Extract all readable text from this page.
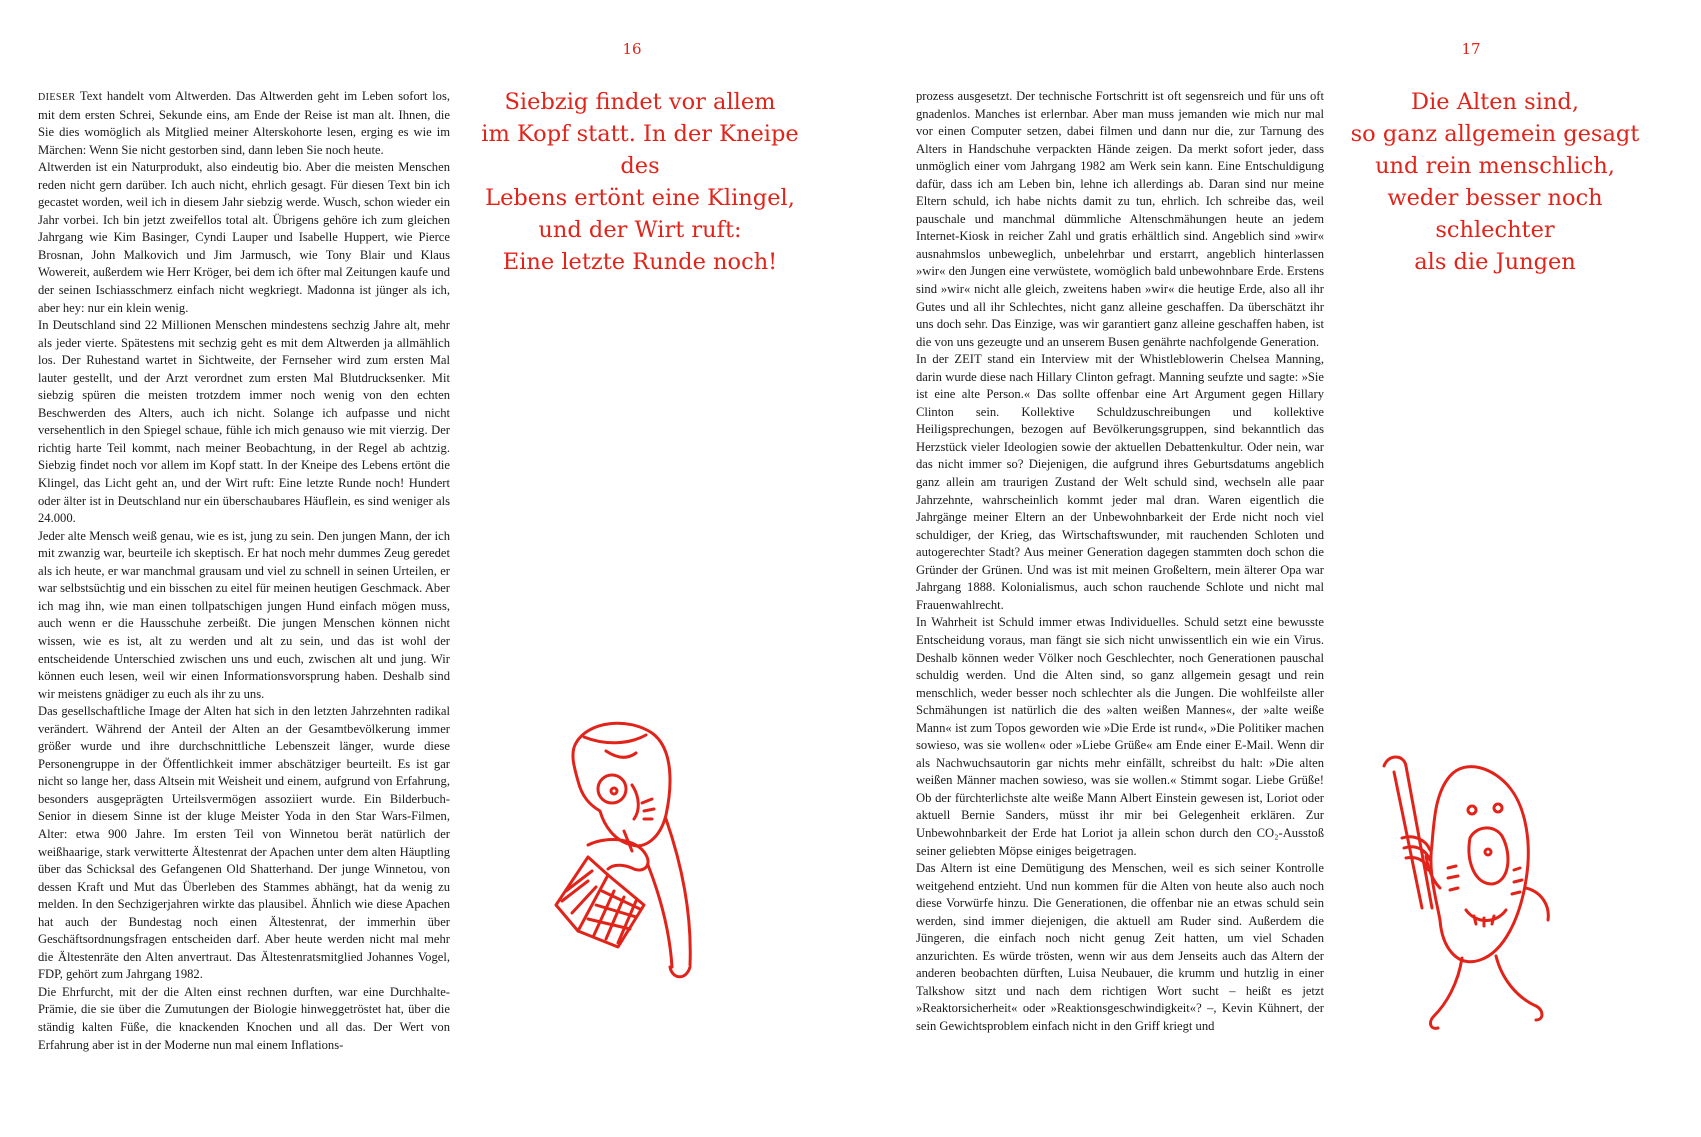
16

DIESER Text handelt vom Altwerden. Das Altwerden geht im Leben sofort los, mit dem ersten Schrei, Sekunde eins, am Ende der Reise ist man alt. Ihnen, die Sie dies womöglich als Mitglied meiner Alterskohorte lesen, erging es wie im Märchen: Wenn Sie nicht gestorben sind, dann leben Sie noch heute.

Altwerden ist ein Naturprodukt, also eindeutig bio. Aber die meisten Menschen reden nicht gern darüber. Ich auch nicht, ehrlich gesagt. Für diesen Text bin ich gecastet worden, weil ich in diesem Jahr siebzig werde. Wusch, schon wieder ein Jahr vorbei. Ich bin jetzt zweifellos total alt. Übrigens gehöre ich zum gleichen Jahrgang wie Kim Basinger, Cyndi Lauper und Isabelle Huppert, wie Pierce Brosnan, John Malkovich und Jim Jarmusch, wie Tony Blair und Klaus Wowereit, außerdem wie Herr Kröger, bei dem ich öfter mal Zeitungen kaufe und der seinen Ischiasschmerz einfach nicht wegkriegt. Madonna ist jünger als ich, aber hey: nur ein klein wenig.

In Deutschland sind 22 Millionen Menschen mindestens sechzig Jahre alt, mehr als jeder vierte. Spätestens mit sechzig geht es mit dem Altwerden ja allmählich los. Der Ruhestand wartet in Sichtweite, der Fernseher wird zum ersten Mal lauter gestellt, und der Arzt verordnet zum ersten Mal Blutdrucksenker. Mit siebzig spüren die meisten trotzdem immer noch wenig von den echten Beschwerden des Alters, auch ich nicht. Solange ich aufpasse und nicht versehentlich in den Spiegel schaue, fühle ich mich genauso wie mit vierzig. Der richtig harte Teil kommt, nach meiner Beobachtung, in der Regel ab achtzig. Siebzig findet noch vor allem im Kopf statt. In der Kneipe des Lebens ertönt die Klingel, das Licht geht an, und der Wirt ruft: Eine letzte Runde noch! Hundert oder älter ist in Deutschland nur ein überschaubares Häuflein, es sind weniger als 24.000.

Jeder alte Mensch weiß genau, wie es ist, jung zu sein. Den jungen Mann, der ich mit zwanzig war, beurteile ich skeptisch. Er hat noch mehr dummes Zeug geredet als ich heute, er war manchmal grausam und viel zu schnell in seinen Urteilen, er war selbstsüchtig und ein bisschen zu eitel für meinen heutigen Geschmack. Aber ich mag ihn, wie man einen tollpatschigen jungen Hund einfach mögen muss, auch wenn er die Hausschuhe zerbeißt. Die jungen Menschen können nicht wissen, wie es ist, alt zu werden und alt zu sein, und das ist wohl der entscheidende Unterschied zwischen uns und euch, zwischen alt und jung. Wir können euch lesen, weil wir einen Informationsvorsprung haben. Deshalb sind wir meistens gnädiger zu euch als ihr zu uns.

Das gesellschaftliche Image der Alten hat sich in den letzten Jahrzehnten radikal verändert. Während der Anteil der Alten an der Gesamtbevölkerung immer größer wurde und ihre durchschnittliche Lebenszeit länger, wurde diese Personengruppe in der Öffentlichkeit immer abschätziger beurteilt. Es ist gar nicht so lange her, dass Altsein mit Weisheit und einem, aufgrund von Erfahrung, besonders ausgeprägten Urteilsvermögen assoziiert wurde. Ein Bilderbuch-Senior in diesem Sinne ist der kluge Meister Yoda in den Star Wars-Filmen, Alter: etwa 900 Jahre. Im ersten Teil von Winnetou berät natürlich der weißhaarige, stark verwitterte Ältestenrat der Apachen unter dem alten Häuptling über das Schicksal des Gefangenen Old Shatterhand. Der junge Winnetou, von dessen Kraft und Mut das Überleben des Stammes abhängt, hat da wenig zu melden. In den Sechzigerjahren wirkte das plausibel. Ähnlich wie diese Apachen hat auch der Bundestag noch einen Ältestenrat, der immerhin über Geschäftsordnungsfragen entscheiden darf. Aber heute werden nicht mal mehr die Ältestenräte den Alten anvertraut. Das Ältestenratsmitglied Johannes Vogel, FDP, gehört zum Jahrgang 1982.

Die Ehrfurcht, mit der die Alten einst rechnen durften, war eine Durchhalte-Prämie, die sie über die Zumutungen der Biologie hinweggetröstet hat, über die ständig kalten Füße, die knackenden Knochen und all das. Der Wert von Erfahrung aber ist in der Moderne nun mal einem Inflations-

Siebzig findet vor allem
im Kopf statt. In der Kneipe des
Lebens ertönt eine Klingel,
und der Wirt ruft:
Eine letzte Runde noch!
17

prozess ausgesetzt. Der technische Fortschritt ist oft segensreich und für uns oft gnadenlos. Manches ist erlernbar. Aber man muss jemanden wie mich nur mal vor einen Computer setzen, dabei filmen und dann nur die, zur Tarnung des Alters in Handschuhe verpackten Hände zeigen. Da merkt sofort jeder, dass unmöglich einer vom Jahrgang 1982 am Werk sein kann. Eine Entschuldigung dafür, dass ich am Leben bin, lehne ich allerdings ab. Daran sind nur meine Eltern schuld, ich habe nichts damit zu tun, ehrlich. Ich schreibe das, weil pauschale und manchmal dümmliche Altenschmähungen heute an jedem Internet-Kiosk in reicher Zahl und gratis erhältlich sind. Angeblich sind »wir« ausnahmslos unbeweglich, unbelehrbar und erstarrt, angeblich hinterlassen »wir« den Jungen eine verwüstete, womöglich bald unbewohnbare Erde. Erstens sind »wir« nicht alle gleich, zweitens haben »wir« die heutige Erde, also all ihr Gutes und all ihr Schlechtes, nicht ganz alleine geschaffen. Da überschätzt ihr uns doch sehr. Das Einzige, was wir garantiert ganz alleine geschaffen haben, ist die von uns gezeugte und an unserem Busen genährte nachfolgende Generation.

In der ZEIT stand ein Interview mit der Whistleblowerin Chelsea Manning, darin wurde diese nach Hillary Clinton gefragt. Manning seufzte und sagte: »Sie ist eine alte Person.« Das sollte offenbar eine Art Argument gegen Hillary Clinton sein. Kollektive Schuldzuschreibungen und kollektive Heiligsprechungen, bezogen auf Bevölkerungsgruppen, sind bekanntlich das Herzstück vieler Ideologien sowie der aktuellen Debattenkultur. Oder nein, war das nicht immer so? Diejenigen, die aufgrund ihres Geburtsdatums angeblich ganz allein am traurigen Zustand der Welt schuld sind, wechseln alle paar Jahrzehnte, wahrscheinlich kommt jeder mal dran. Waren eigentlich die Jahrgänge meiner Eltern an der Unbewohnbarkeit der Erde nicht noch viel schuldiger, der Krieg, das Wirtschaftswunder, mit rauchenden Schloten und autogerechter Stadt? Aus meiner Generation dagegen stammten doch schon die Gründer der Grünen. Und was ist mit meinen Großeltern, mein älterer Opa war Jahrgang 1888. Kolonialismus, auch schon rauchende Schlote und nicht mal Frauenwahlrecht.

In Wahrheit ist Schuld immer etwas Individuelles. Schuld setzt eine bewusste Entscheidung voraus, man fängt sie sich nicht unwissentlich ein wie ein Virus. Deshalb können weder Völker noch Geschlechter, noch Generationen pauschal schuldig werden. Und die Alten sind, so ganz allgemein gesagt und rein menschlich, weder besser noch schlechter als die Jungen. Die wohlfeilste aller Schmähungen ist natürlich die des »alten weißen Mannes«, der »alte weiße Mann« ist zum Topos geworden wie »Die Erde ist rund«, »Die Politiker machen sowieso, was sie wollen« oder »Liebe Grüße« am Ende einer E-Mail. Wenn dir als Nachwuchsautorin gar nichts mehr einfällt, schreibst du halt: »Die alten weißen Männer machen sowieso, was sie wollen.« Stimmt sogar. Liebe Grüße! Ob der fürchterlichste alte weiße Mann Albert Einstein gewesen ist, Loriot oder aktuell Bernie Sanders, müsst ihr mir bei Gelegenheit erklären. Zur Unbewohnbarkeit der Erde hat Loriot ja allein schon durch den CO₂-Ausstoß seiner geliebten Möpse einiges beigetragen.

Das Altern ist eine Demütigung des Menschen, weil es sich seiner Kontrolle weitgehend entzieht. Und nun kommen für die Alten von heute also auch noch diese Vorwürfe hinzu. Die Generationen, die offenbar nie an etwas schuld sein werden, sind immer diejenigen, die aktuell am Ruder sind. Außerdem die Jüngeren, die einfach noch nicht genug Zeit hatten, um viel Schaden anzurichten. Es würde trösten, wenn wir aus dem Jenseits auch das Altern der anderen beobachten dürften, Luisa Neubauer, die krumm und hutzlig in einer Talkshow sitzt und nach dem richtigen Wort sucht – heißt es jetzt »Reaktorsicherheit« oder »Reaktionsgeschwindigkeit«? –, Kevin Kühnert, der sein Gewichtsproblem einfach nicht in den Griff kriegt und

Die Alten sind,
so ganz allgemein gesagt
und rein menschlich,
weder besser noch schlechter
als die Jungen
